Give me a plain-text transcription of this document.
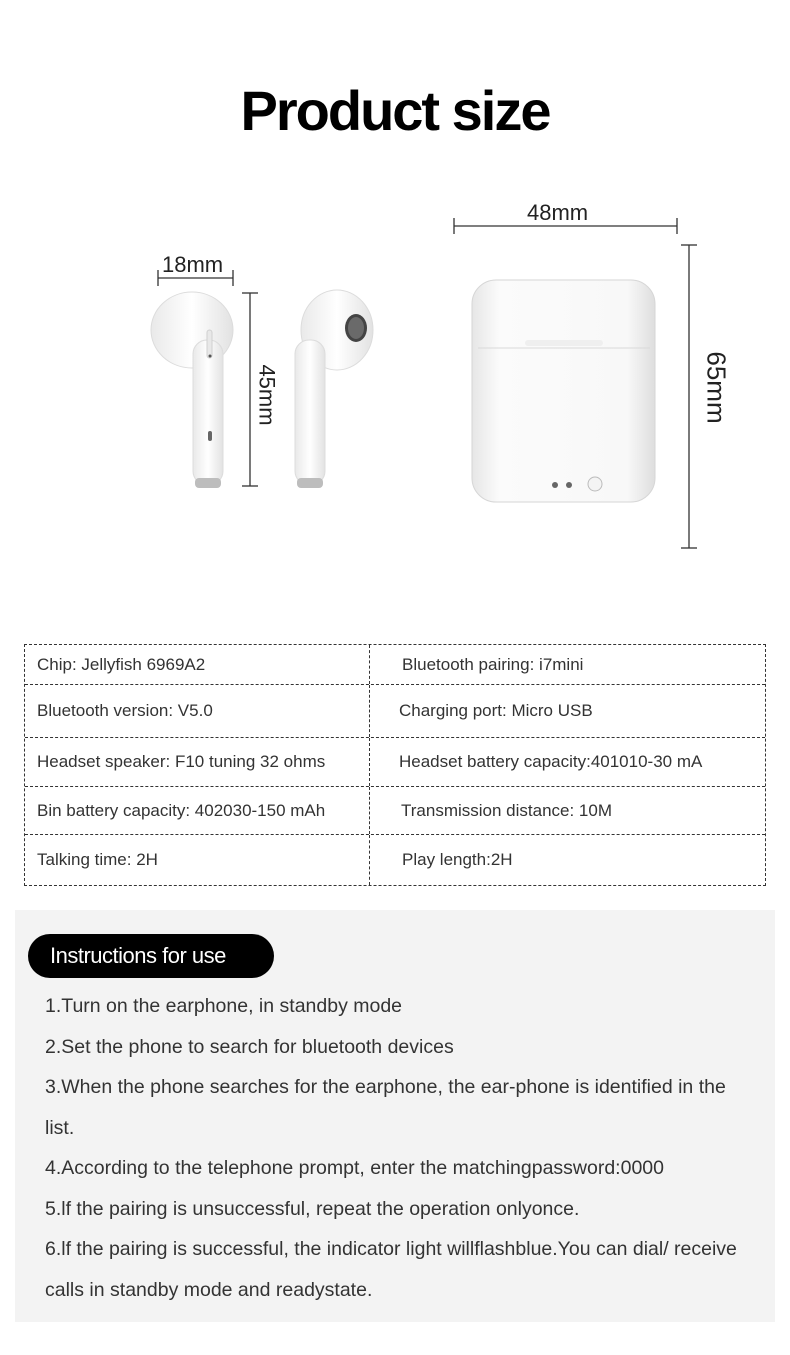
Product size
18mm
45mm
48mm
65mm
Chip: Jellyfish 6969A2	Bluetooth pairing: i7mini
Bluetooth version: V5.0	Charging port: Micro USB
Headset speaker: F10 tuning 32 ohms	Headset battery capacity:401010-30 mA
Bin battery capacity: 402030-150 mAh	Transmission distance: 10M
Talking time: 2H	Play length:2H
Instructions for use
1.Turn on the earphone, in standby mode
2.Set the phone to search for bluetooth devices
3.When the phone searches for the earphone, the ear-phone is identified in the list.
4.According to the telephone prompt, enter the matchingpassword:0000
5.lf the pairing is unsuccessful, repeat the operation onlyonce.
6.lf the pairing is successful, the indicator light willflashblue.You can dial/ receive calls in standby mode and readystate.
